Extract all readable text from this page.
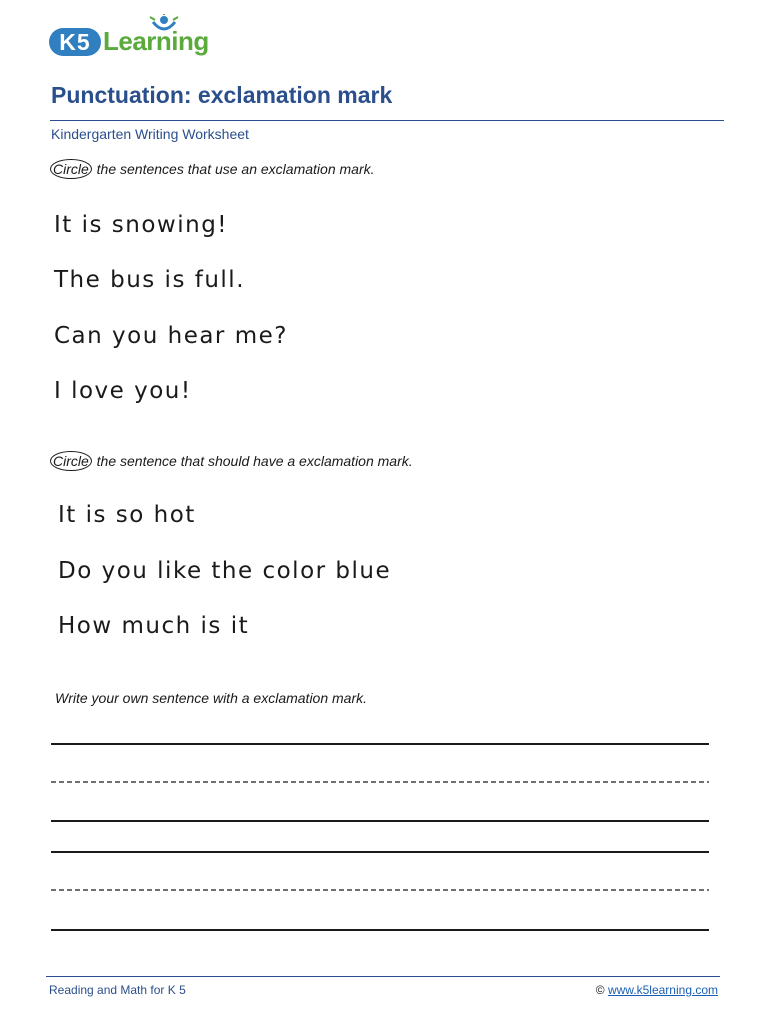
K5 Learning
Punctuation: exclamation mark
Kindergarten Writing Worksheet
Circle the sentences that use an exclamation mark.
It is snowing!
The bus is full.
Can you hear me?
I love you!
Circle the sentence that should have a exclamation mark.
It is so hot
Do you like the color blue
How much is it
Write your own sentence with a exclamation mark.
Reading and Math for K 5	© www.k5learning.com
